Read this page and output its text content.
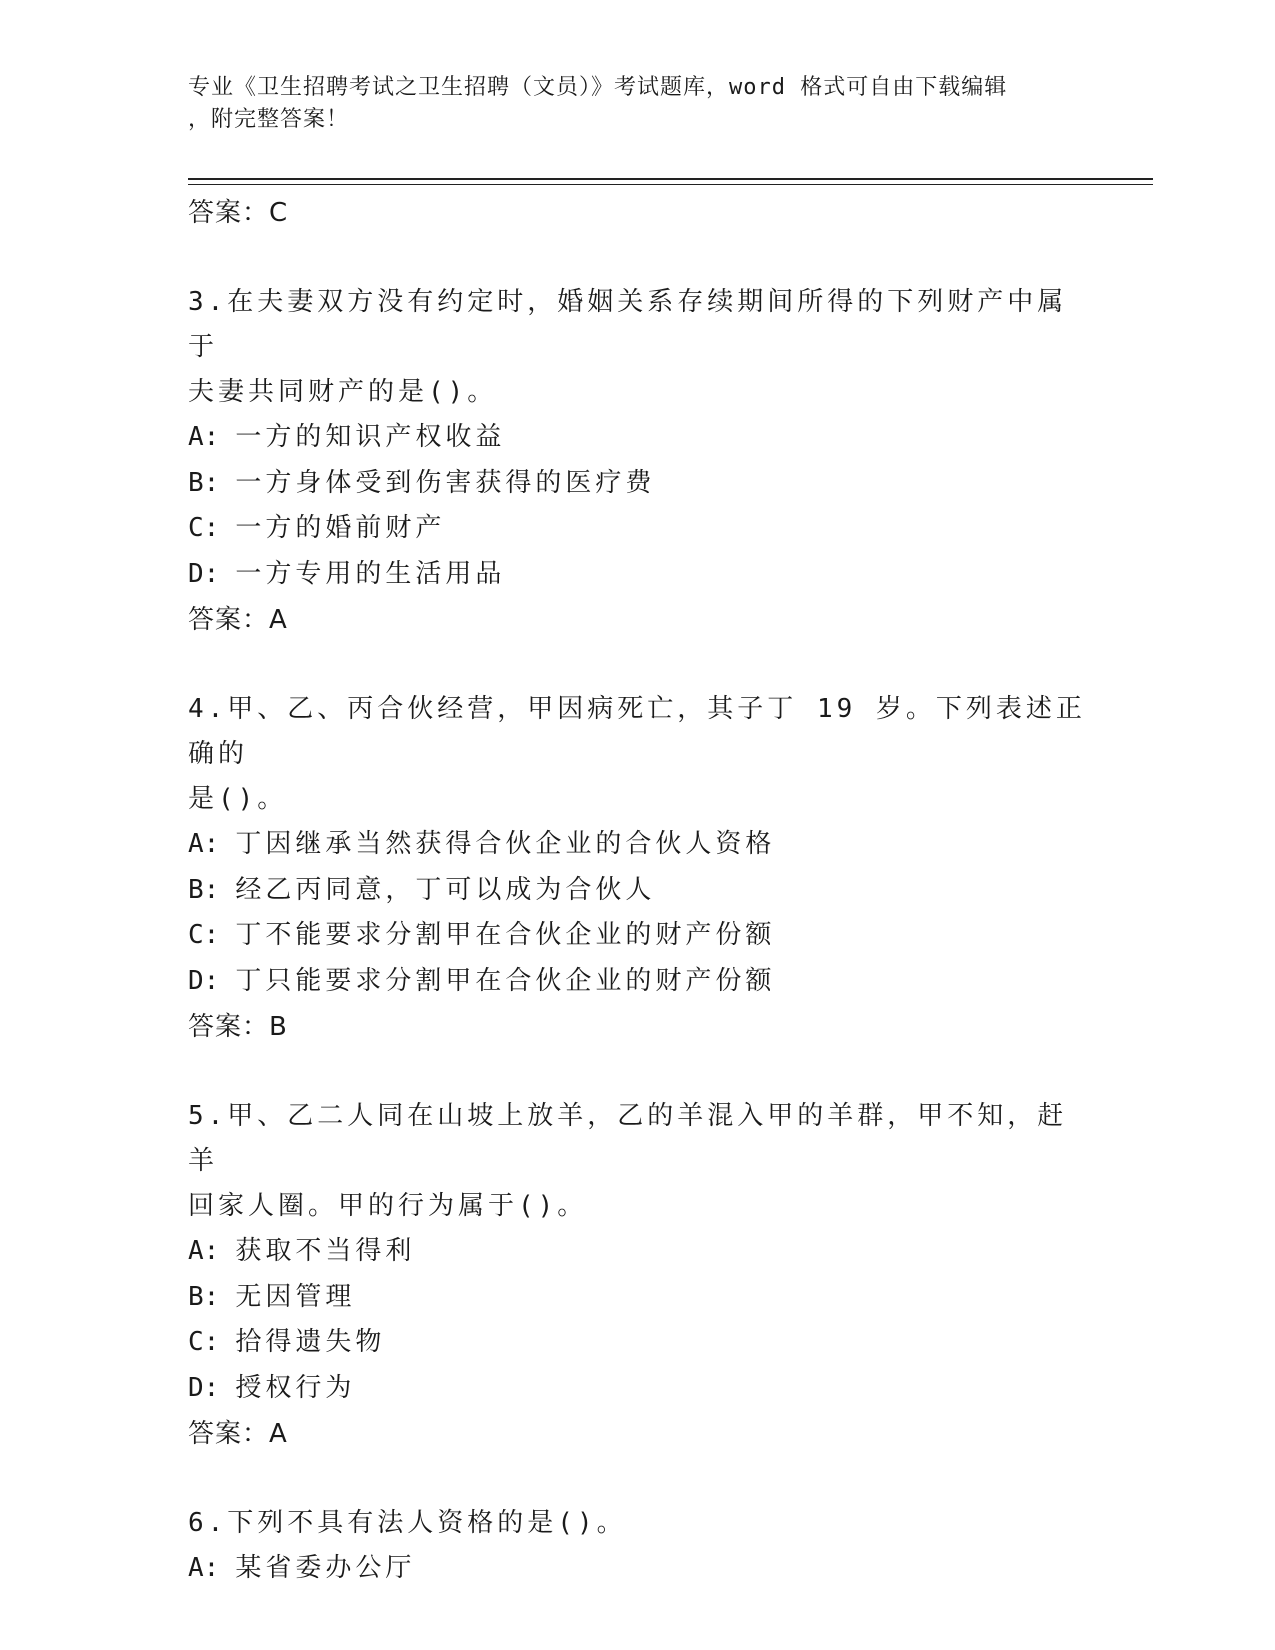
专业《卫生招聘考试之卫生招聘（文员）》考试题库，word 格式可自由下载编辑
，附完整答案！
答案：C
3.在夫妻双方没有约定时，婚姻关系存续期间所得的下列财产中属于
夫妻共同财产的是()。
A: 一方的知识产权收益
B: 一方身体受到伤害获得的医疗费
C: 一方的婚前财产
D: 一方专用的生活用品
答案：A
4.甲、乙、丙合伙经营，甲因病死亡，其子丁 19 岁。下列表述正确的
是()。
A: 丁因继承当然获得合伙企业的合伙人资格
B: 经乙丙同意，丁可以成为合伙人
C: 丁不能要求分割甲在合伙企业的财产份额
D: 丁只能要求分割甲在合伙企业的财产份额
答案：B
5.甲、乙二人同在山坡上放羊，乙的羊混入甲的羊群，甲不知，赶羊
回家人圈。甲的行为属于()。
A: 获取不当得利
B: 无因管理
C: 拾得遗失物
D: 授权行为
答案：A
6.下列不具有法人资格的是()。
A: 某省委办公厅
